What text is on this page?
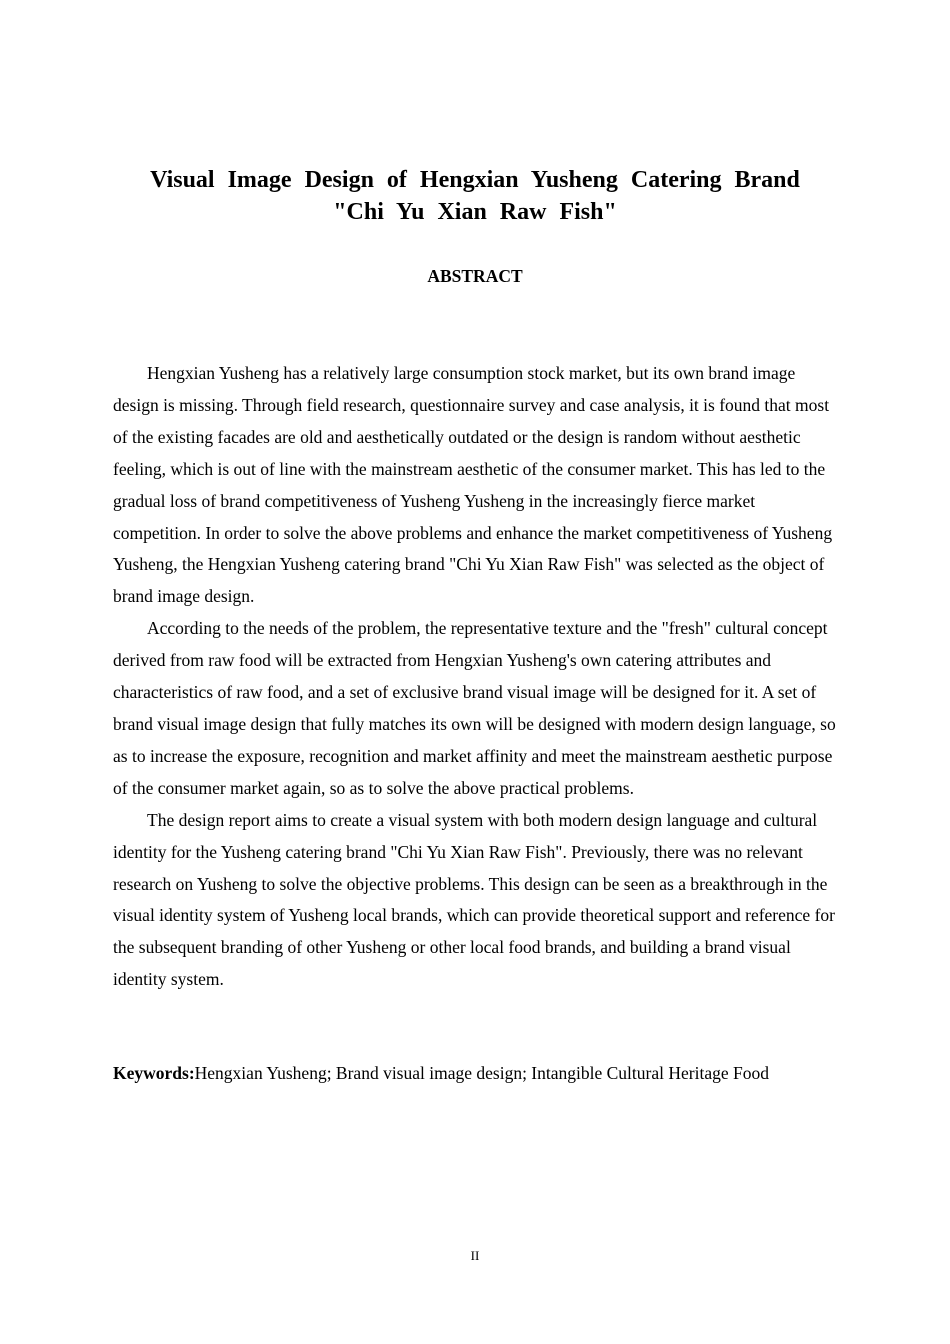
Visual Image Design of Hengxian Yusheng Catering Brand
"Chi Yu Xian Raw Fish"
ABSTRACT

Hengxian Yusheng has a relatively large consumption stock market, but its own brand image design is missing. Through field research, questionnaire survey and case analysis, it is found that most of the existing facades are old and aesthetically outdated or the design is random without aesthetic feeling, which is out of line with the mainstream aesthetic of the consumer market. This has led to the gradual loss of brand competitiveness of Yusheng Yusheng in the increasingly fierce market competition. In order to solve the above problems and enhance the market competitiveness of Yusheng Yusheng, the Hengxian Yusheng catering brand "Chi Yu Xian Raw Fish" was selected as the object of brand image design.

According to the needs of the problem, the representative texture and the "fresh" cultural concept derived from raw food will be extracted from Hengxian Yusheng's own catering attributes and characteristics of raw food, and a set of exclusive brand visual image will be designed for it. A set of brand visual image design that fully matches its own will be designed with modern design language, so as to increase the exposure, recognition and market affinity and meet the mainstream aesthetic purpose of the consumer market again, so as to solve the above practical problems.

The design report aims to create a visual system with both modern design language and cultural identity for the Yusheng catering brand "Chi Yu Xian Raw Fish". Previously, there was no relevant research on Yusheng to solve the objective problems. This design can be seen as a breakthrough in the visual identity system of Yusheng local brands, which can provide theoretical support and reference for the subsequent branding of other Yusheng or other local food brands, and building a brand visual identity system.

Keywords:Hengxian Yusheng; Brand visual image design; Intangible Cultural Heritage Food

II
